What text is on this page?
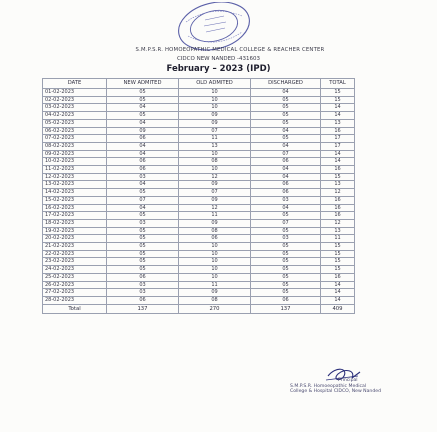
S.M.P.S.R. HOMOEOPATHIC MEDICAL COLLEGE & REACHER CENTER
CIDCO NEW NANDED -431603
February – 2023 (IPD)
DATE	NEW ADMITED	OLD ADMITED	DISCHARGED	TOTAL
01-02-2023	05	10	04	15
02-02-2023	05	10	05	15
03-02-2023	04	10	05	14
04-02-2023	05	09	05	14
05-02-2023	04	09	05	13
06-02-2023	09	07	04	16
07-02-2023	06	11	05	17
08-02-2023	04	13	04	17
09-02-2023	04	10	07	14
10-02-2023	06	08	06	14
11-02-2023	06	10	04	16
12-02-2023	03	12	04	15
13-02-2023	04	09	06	13
14-02-2023	05	07	06	12
15-02-2023	07	09	03	16
16-02-2023	04	12	04	16
17-02-2023	05	11	05	16
18-02-2023	03	09	07	12
19-02-2023	05	08	05	13
20-02-2023	05	06	03	11
21-02-2023	05	10	05	15
22-02-2023	05	10	05	15
23-02-2023	05	10	05	15
24-02-2023	05	10	05	15
25-02-2023	06	10	05	16
26-02-2023	03	11	05	14
27-02-2023	03	09	05	14
28-02-2023	06	08	06	14
Total	137	270	137	409
Principal
S.M.P.S.R. Homoeopathic Medical
College & Hospital CIDCO, New Nanded
